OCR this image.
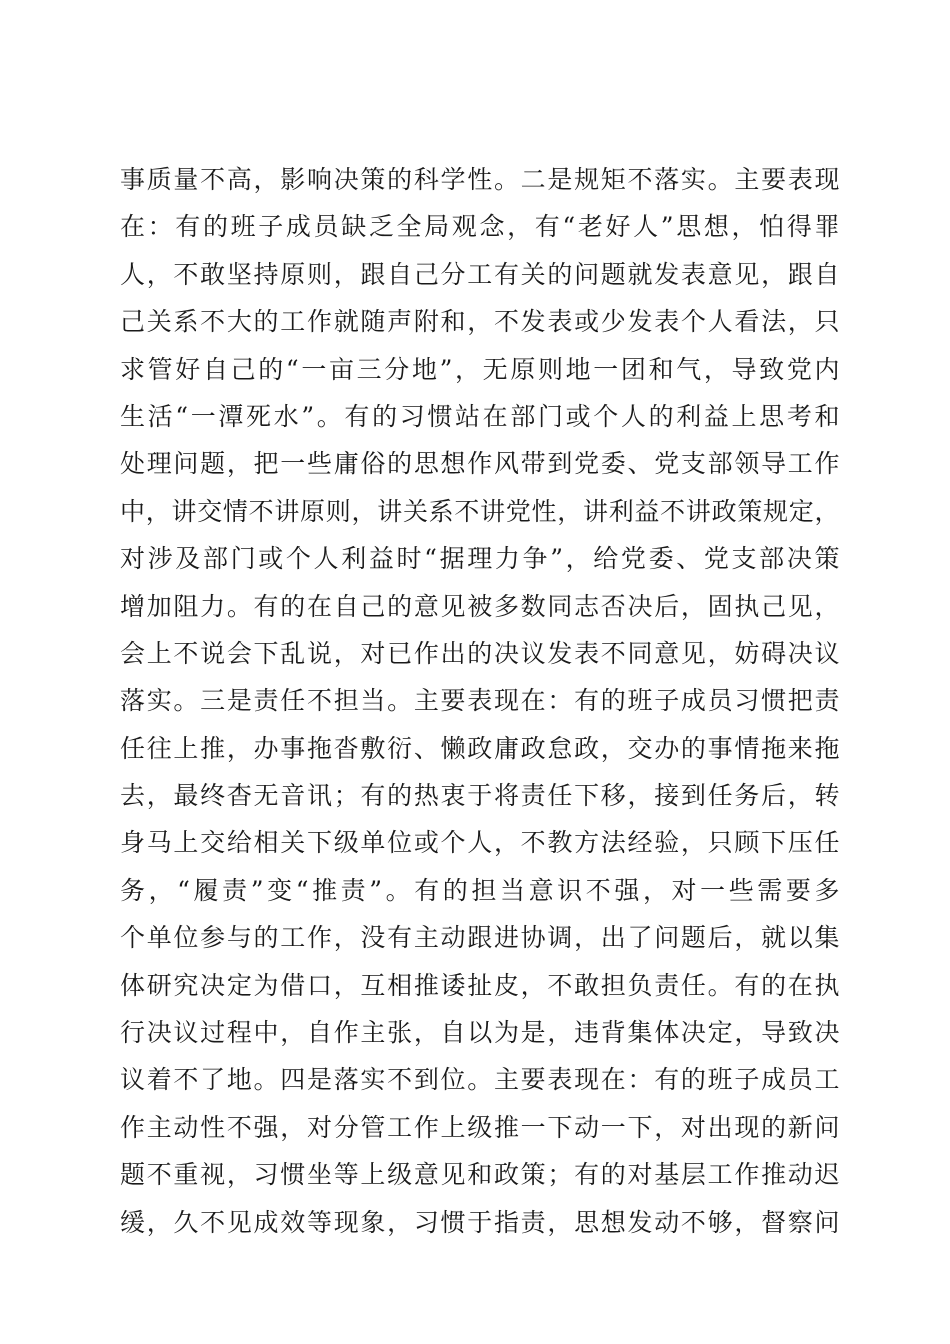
事质量不高，影响决策的科学性。二是规矩不落实。主要表现
在：有的班子成员缺乏全局观念，有“老好人”思想，怕得罪
人，不敢坚持原则，跟自己分工有关的问题就发表意见，跟自
己关系不大的工作就随声附和，不发表或少发表个人看法，只
求管好自己的“一亩三分地”，无原则地一团和气，导致党内
生活“一潭死水”。有的习惯站在部门或个人的利益上思考和
处理问题，把一些庸俗的思想作风带到党委、党支部领导工作
中，讲交情不讲原则，讲关系不讲党性，讲利益不讲政策规定，
对涉及部门或个人利益时“据理力争”，给党委、党支部决策
增加阻力。有的在自己的意见被多数同志否决后，固执己见，
会上不说会下乱说，对已作出的决议发表不同意见，妨碍决议
落实。三是责任不担当。主要表现在：有的班子成员习惯把责
任往上推，办事拖沓敷衍、懒政庸政怠政，交办的事情拖来拖
去，最终杳无音讯；有的热衷于将责任下移，接到任务后，转
身马上交给相关下级单位或个人，不教方法经验，只顾下压任
务，“履责”变“推责”。有的担当意识不强，对一些需要多
个单位参与的工作，没有主动跟进协调，出了问题后，就以集
体研究决定为借口，互相推诿扯皮，不敢担负责任。有的在执
行决议过程中，自作主张，自以为是，违背集体决定，导致决
议着不了地。四是落实不到位。主要表现在：有的班子成员工
作主动性不强，对分管工作上级推一下动一下，对出现的新问
题不重视，习惯坐等上级意见和政策；有的对基层工作推动迟
缓，久不见成效等现象，习惯于指责，思想发动不够，督察问
